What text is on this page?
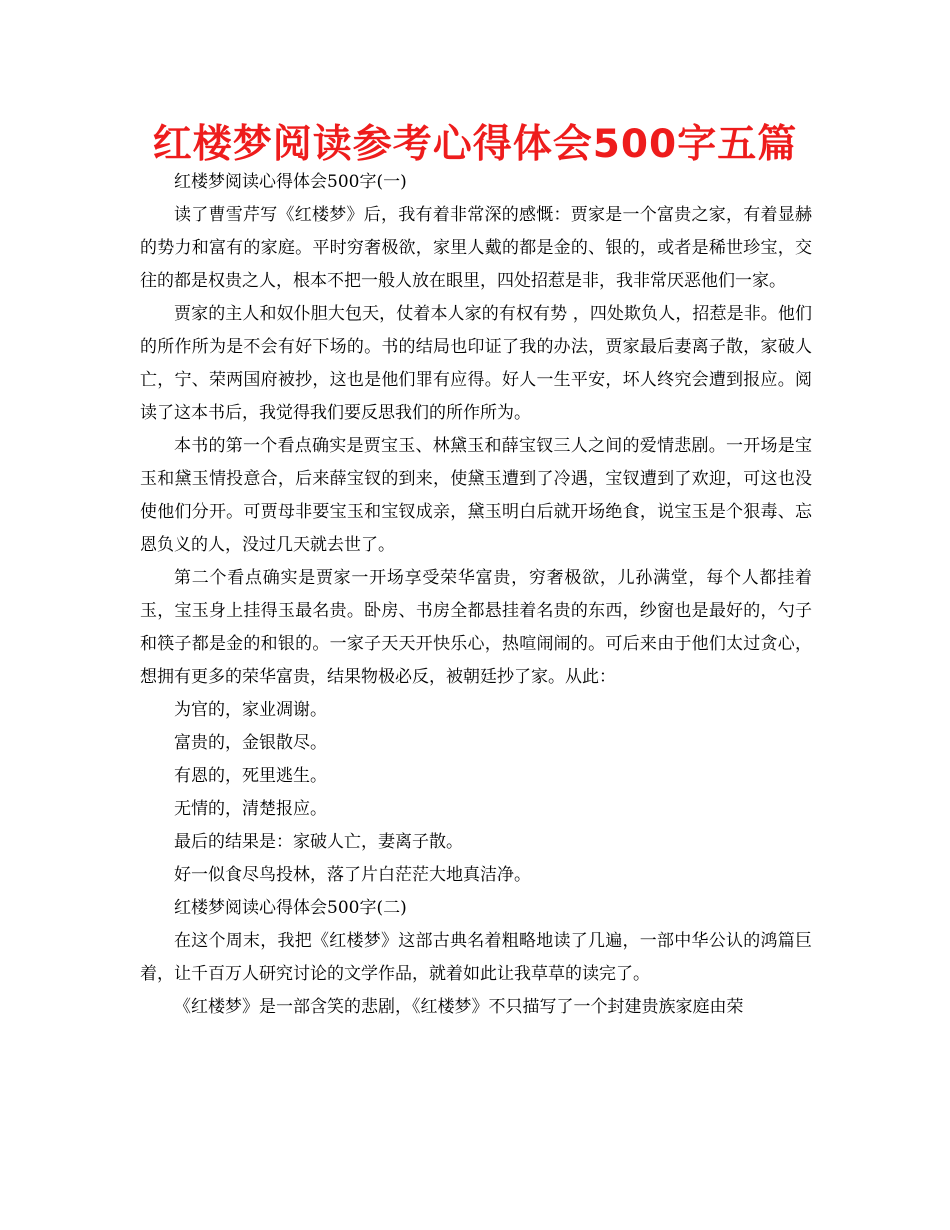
红楼梦阅读参考心得体会500字五篇

红楼梦阅读心得体会500字(一)

读了曹雪芹写《红楼梦》后，我有着非常深的感慨：贾家是一个富贵之家，有着显赫的势力和富有的家庭。平时穷奢极欲，家里人戴的都是金的、银的，或者是稀世珍宝，交往的都是权贵之人，根本不把一般人放在眼里，四处招惹是非，我非常厌恶他们一家。

贾家的主人和奴仆胆大包天，仗着本人家的有权有势 ，四处欺负人，招惹是非。他们的所作所为是不会有好下场的。书的结局也印证了我的办法，贾家最后妻离子散，家破人亡，宁、荣两国府被抄，这也是他们罪有应得。好人一生平安，坏人终究会遭到报应。阅读了这本书后，我觉得我们要反思我们的所作所为。

本书的第一个看点确实是贾宝玉、林黛玉和薛宝钗三人之间的爱情悲剧。一开场是宝玉和黛玉情投意合，后来薛宝钗的到来，使黛玉遭到了冷遇，宝钗遭到了欢迎，可这也没使他们分开。可贾母非要宝玉和宝钗成亲，黛玉明白后就开场绝食，说宝玉是个狠毒、忘恩负义的人，没过几天就去世了。

第二个看点确实是贾家一开场享受荣华富贵，穷奢极欲，儿孙满堂，每个人都挂着玉，宝玉身上挂得玉最名贵。卧房、书房全都悬挂着名贵的东西，纱窗也是最好的，勺子和筷子都是金的和银的。一家子天天开快乐心，热喧闹闹的。可后来由于他们太过贪心，想拥有更多的荣华富贵，结果物极必反，被朝廷抄了家。从此：

为官的，家业凋谢。

富贵的，金银散尽。

有恩的，死里逃生。

无情的，清楚报应。

最后的结果是：家破人亡，妻离子散。

好一似食尽鸟投林，落了片白茫茫大地真洁净。

红楼梦阅读心得体会500字(二)

在这个周末，我把《红楼梦》这部古典名着粗略地读了几遍，一部中华公认的鸿篇巨着，让千百万人研究讨论的文学作品，就着如此让我草草的读完了。

《红楼梦》是一部含笑的悲剧，《红楼梦》不只描写了一个封建贵族家庭由荣
